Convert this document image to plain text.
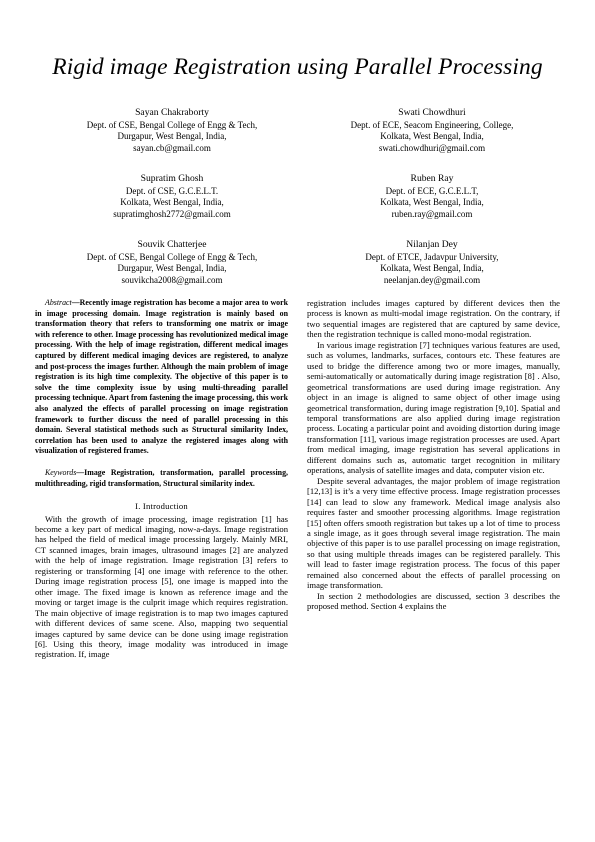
Rigid image Registration using Parallel Processing
Sayan Chakraborty
Dept. of CSE, Bengal College of Engg & Tech,
Durgapur, West Bengal, India,
sayan.cb@gmail.com
Swati Chowdhuri
Dept. of ECE, Seacom Engineering, College,
Kolkata, West Bengal, India,
swati.chowdhuri@gmail.com
Supratim Ghosh
Dept. of CSE, G.C.E.L.T.
Kolkata, West Bengal, India,
supratimghosh2772@gmail.com
Ruben Ray
Dept. of ECE, G.C.E.L.T,
Kolkata, West Bengal, India,
ruben.ray@gmail.com
Souvik Chatterjee
Dept. of CSE, Bengal College of Engg & Tech,
Durgapur, West Bengal, India,
souvikcha2008@gmail.com
Nilanjan Dey
Dept. of ETCE, Jadavpur University,
Kolkata, West Bengal, India,
neelanjan.dey@gmail.com

Abstract—Recently image registration has become a major area to work in image processing domain. Image registration is mainly based on transformation theory that refers to transforming one matrix or image with reference to other. Image processing has revolutionized medical image processing. With the help of image registration, different medical images captured by different medical imaging devices are registered, to analyze and post-process the images further. Although the main problem of image registration is its high time complexity. The objective of this paper is to solve the time complexity issue by using multi-threading parallel processing technique. Apart from fastening the image processing, this work also analyzed the effects of parallel processing on image registration framework to further discuss the need of parallel processing in this domain. Several statistical methods such as Structural similarity Index, correlation has been used to analyze the registered images along with visualization of registered frames.

Keywords—Image Registration, transformation, parallel processing, multithreading, rigid transformation, Structural similarity index.

I. Introduction

With the growth of image processing, image registration [1] has become a key part of medical imaging, now-a-days. Image registration has helped the field of medical image processing largely. Mainly MRI, CT scanned images, brain images, ultrasound images [2] are analyzed with the help of image registration. Image registration [3] refers to registering or transforming [4] one image with reference to the other. During image registration process [5], one image is mapped into the other image. The fixed image is known as reference image and the moving or target image is the culprit image which requires registration. The main objective of image registration is to map two images captured with different devices of same scene. Also, mapping two sequential images captured by same device can be done using image registration [6]. Using this theory, image modality was introduced in image registration. If, image

registration includes images captured by different devices then the process is known as multi-modal image registration. On the contrary, if two sequential images are registered that are captured by same device, then the registration technique is called mono-modal registration.

In various image registration [7] techniques various features are used, such as volumes, landmarks, surfaces, contours etc. These features are used to bridge the difference among two or more images, manually, semi-automatically or automatically during image registration [8] . Also, geometrical transformations are used during image registration. Any object in an image is aligned to same object of other image using geometrical transformation, during image registration [9,10]. Spatial and temporal transformations are also applied during image registration process. Locating a particular point and avoiding distortion during image transformation [11], various image registration processes are used. Apart from medical imaging, image registration has several applications in different domains such as, automatic target recognition in military operations, analysis of satellite images and data, computer vision etc.

Despite several advantages, the major problem of image registration [12,13] is it’s a very time effective process. Image registration processes [14] can lead to slow any framework. Medical image analysis also requires faster and smoother processing algorithms. Image registration [15] often offers smooth registration but takes up a lot of time to process a single image, as it goes through several image registration. The main objective of this paper is to use parallel processing on image registration, so that using multiple threads images can be registered parallely. This will lead to faster image registration process. The focus of this paper remained also concerned about the effects of parallel processing on image transformation.

In section 2 methodologies are discussed, section 3 describes the proposed method. Section 4 explains the
